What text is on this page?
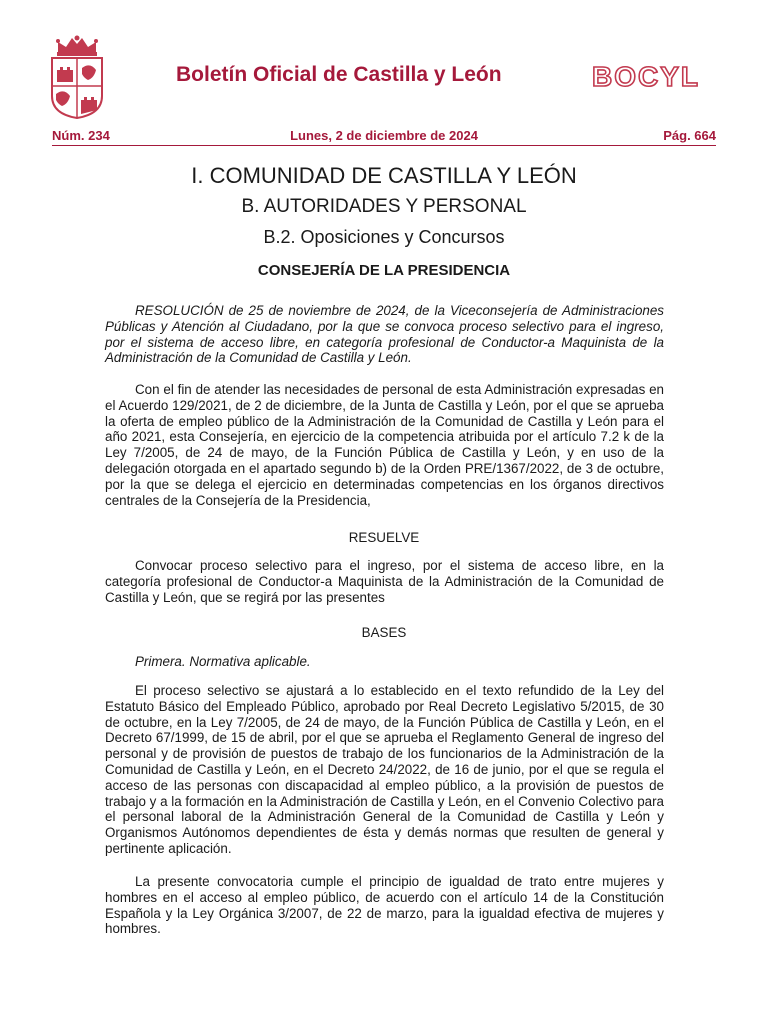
Boletín Oficial de Castilla y León	BOCYL
Núm. 234	Lunes, 2 de diciembre de 2024	Pág. 664
I. COMUNIDAD DE CASTILLA Y LEÓN
B. AUTORIDADES Y PERSONAL
B.2. Oposiciones y Concursos
CONSEJERÍA DE LA PRESIDENCIA

RESOLUCIÓN de 25 de noviembre de 2024, de la Viceconsejería de Administraciones Públicas y Atención al Ciudadano, por la que se convoca proceso selectivo para el ingreso, por el sistema de acceso libre, en categoría profesional de Conductor-a Maquinista de la Administración de la Comunidad de Castilla y León.

Con el fin de atender las necesidades de personal de esta Administración expresadas en el Acuerdo 129/2021, de 2 de diciembre, de la Junta de Castilla y León, por el que se aprueba la oferta de empleo público de la Administración de la Comunidad de Castilla y León para el año 2021, esta Consejería, en ejercicio de la competencia atribuida por el artículo 7.2 k de la Ley 7/2005, de 24 de mayo, de la Función Pública de Castilla y León, y en uso de la delegación otorgada en el apartado segundo b) de la Orden PRE/1367/2022, de 3 de octubre, por la que se delega el ejercicio en determinadas competencias en los órganos directivos centrales de la Consejería de la Presidencia,

RESUELVE

Convocar proceso selectivo para el ingreso, por el sistema de acceso libre, en la categoría profesional de Conductor-a Maquinista de la Administración de la Comunidad de Castilla y León, que se regirá por las presentes

BASES
Primera. Normativa aplicable.

El proceso selectivo se ajustará a lo establecido en el texto refundido de la Ley del Estatuto Básico del Empleado Público, aprobado por Real Decreto Legislativo 5/2015, de 30 de octubre, en la Ley 7/2005, de 24 de mayo, de la Función Pública de Castilla y León, en el Decreto 67/1999, de 15 de abril, por el que se aprueba el Reglamento General de ingreso del personal y de provisión de puestos de trabajo de los funcionarios de la Administración de la Comunidad de Castilla y León, en el Decreto 24/2022, de 16 de junio, por el que se regula el acceso de las personas con discapacidad al empleo público, a la provisión de puestos de trabajo y a la formación en la Administración de Castilla y León, en el Convenio Colectivo para el personal laboral de la Administración General de la Comunidad de Castilla y León y Organismos Autónomos dependientes de ésta y demás normas que resulten de general y pertinente aplicación.

La presente convocatoria cumple el principio de igualdad de trato entre mujeres y hombres en el acceso al empleo público, de acuerdo con el artículo 14 de la Constitución Española y la Ley Orgánica 3/2007, de 22 de marzo, para la igualdad efectiva de mujeres y hombres.
